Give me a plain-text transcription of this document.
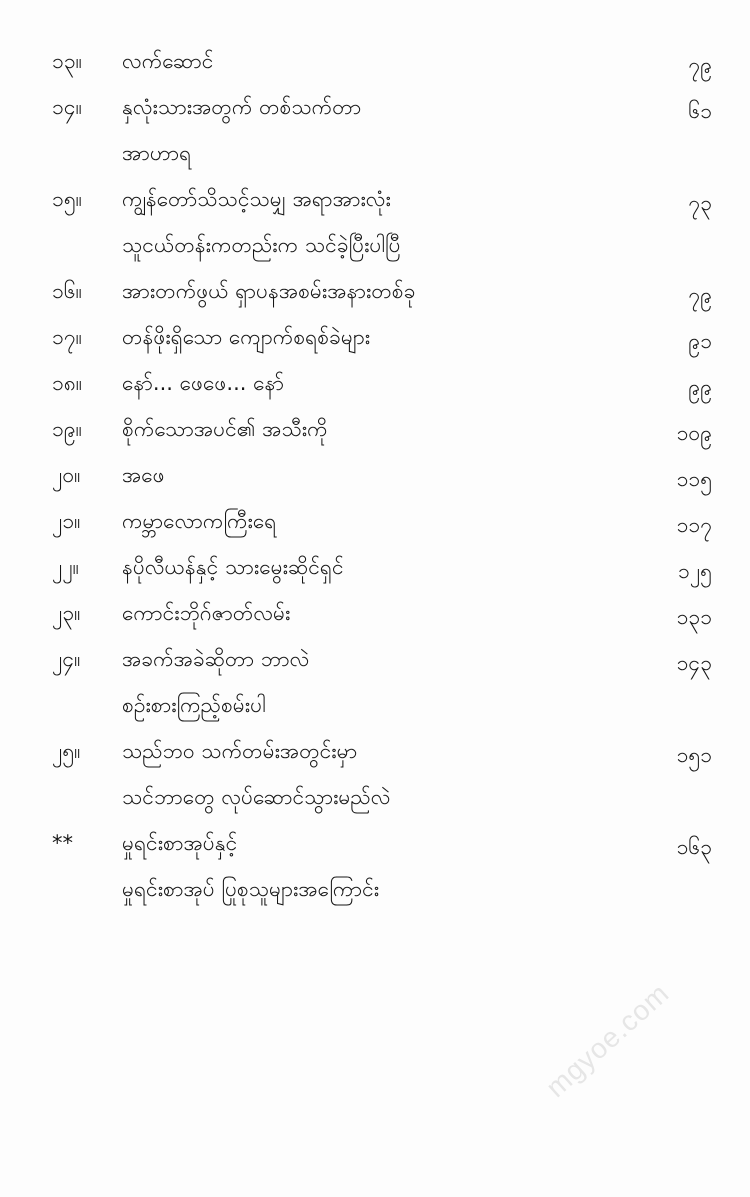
၁၃။	လက်ဆောင်	၇၉
၁၄။	နှလုံးသားအတွက် တစ်သက်တာ	၆၁
အာဟာရ
၁၅။	ကျွန်တော်သိသင့်သမျှ အရာအားလုံး	၇၃
သူငယ်တန်းကတည်းက သင်ခဲ့ပြီးပါပြီ
၁၆။	အားတက်ဖွယ် ရှာပနအစမ်းအနားတစ်ခု	၇၉
၁၇။	တန်ဖိုးရှိသော ကျောက်စရစ်ခဲများ	၉၁
၁၈။	နော်... ဖေဖေ... နော်	၉၉
၁၉။	စိုက်သောအပင်၏ အသီးကို	၁၀၉
၂၀။	အဖေ	၁၁၅
၂၁။	ကမ္ဘာလောကကြီးရေ	၁၁၇
၂၂။	နပိုလီယန်နှင့် သားမွေးဆိုင်ရှင်	၁၂၅
၂၃။	ကောင်းဘိုဂ်ဇာတ်လမ်း	၁၃၁
၂၄။	အခက်အခဲဆိုတာ ဘာလဲ	၁၄၃
စဉ်းစားကြည့်စမ်းပါ
၂၅။	သည်ဘဝ သက်တမ်းအတွင်းမှာ	၁၅၁
သင်ဘာတွေ လုပ်ဆောင်သွားမည်လဲ
**	မှုရင်းစာအုပ်နှင့်	၁၆၃
မှုရင်းစာအုပ် ပြုစုသူများအကြောင်း
mgyoe.com
